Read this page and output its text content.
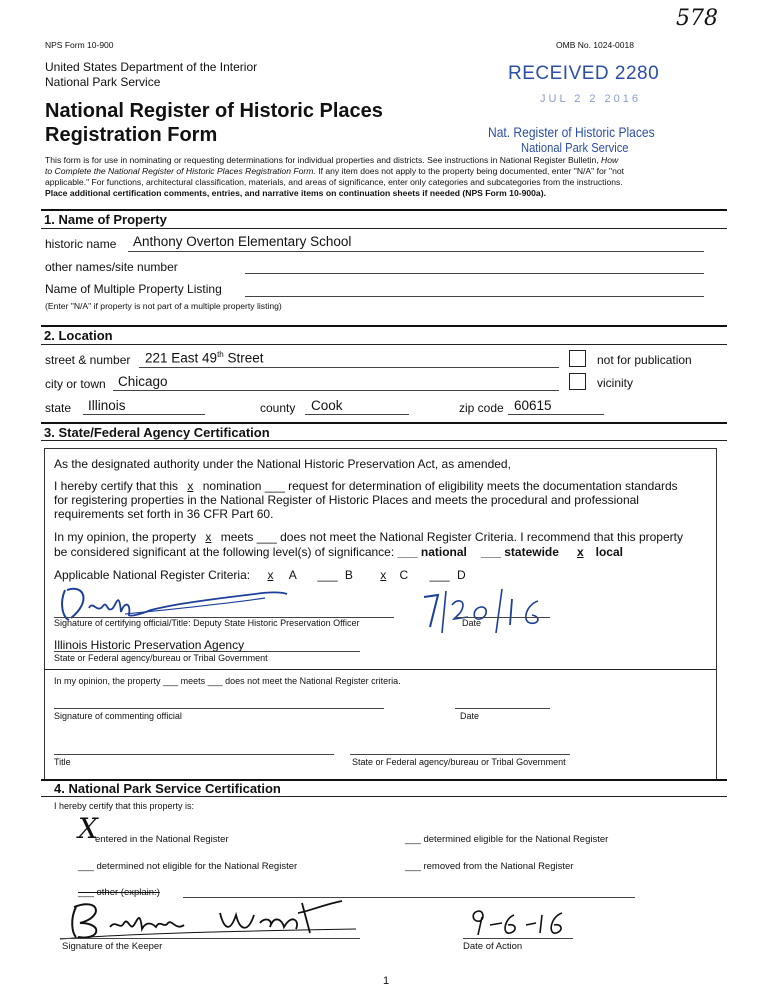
578
NPS Form 10-900	OMB No. 1024-0018
United States Department of the Interior
National Park Service
National Register of Historic Places
Registration Form
RECEIVED 2280
JUL 2 2 2016
Nat. Register of Historic Places
National Park Service
This form is for use in nominating or requesting determinations for individual properties and districts. See instructions in National Register Bulletin, How
to Complete the National Register of Historic Places Registration Form. If any item does not apply to the property being documented, enter "N/A" for "not
applicable." For functions, architectural classification, materials, and areas of significance, enter only categories and subcategories from the instructions.
Place additional certification comments, entries, and narrative items on continuation sheets if needed (NPS Form 10-900a).
1. Name of Property
historic name Anthony Overton Elementary School
other names/site number
Name of Multiple Property Listing
(Enter "N/A" if property is not part of a multiple property listing)
2. Location
street & number 221 East 49th Street	not for publication
city or town Chicago	vicinity
state Illinois	county Cook	zip code 60615
3. State/Federal Agency Certification
As the designated authority under the National Historic Preservation Act, as amended,
I hereby certify that this x nomination ___ request for determination of eligibility meets the documentation standards
for registering properties in the National Register of Historic Places and meets the procedural and professional
requirements set forth in 36 CFR Part 60.
In my opinion, the property x meets ___ does not meet the National Register Criteria. I recommend that this property
be considered significant at the following level(s) of significance: ___ national ___ statewide x local
Applicable National Register Criteria: x A ___ B x C ___ D
Signature of certifying official/Title: Deputy State Historic Preservation Officer	Date
Illinois Historic Preservation Agency
State or Federal agency/bureau or Tribal Government
In my opinion, the property ___ meets ___ does not meet the National Register criteria.
Signature of commenting official	Date
Title	State or Federal agency/bureau or Tribal Government
4. National Park Service Certification
I hereby certify that this property is:
X
entered in the National Register	___ determined eligible for the National Register
___ determined not eligible for the National Register	___ removed from the National Register
___ other (explain:)
Signature of the Keeper	Date of Action
1
